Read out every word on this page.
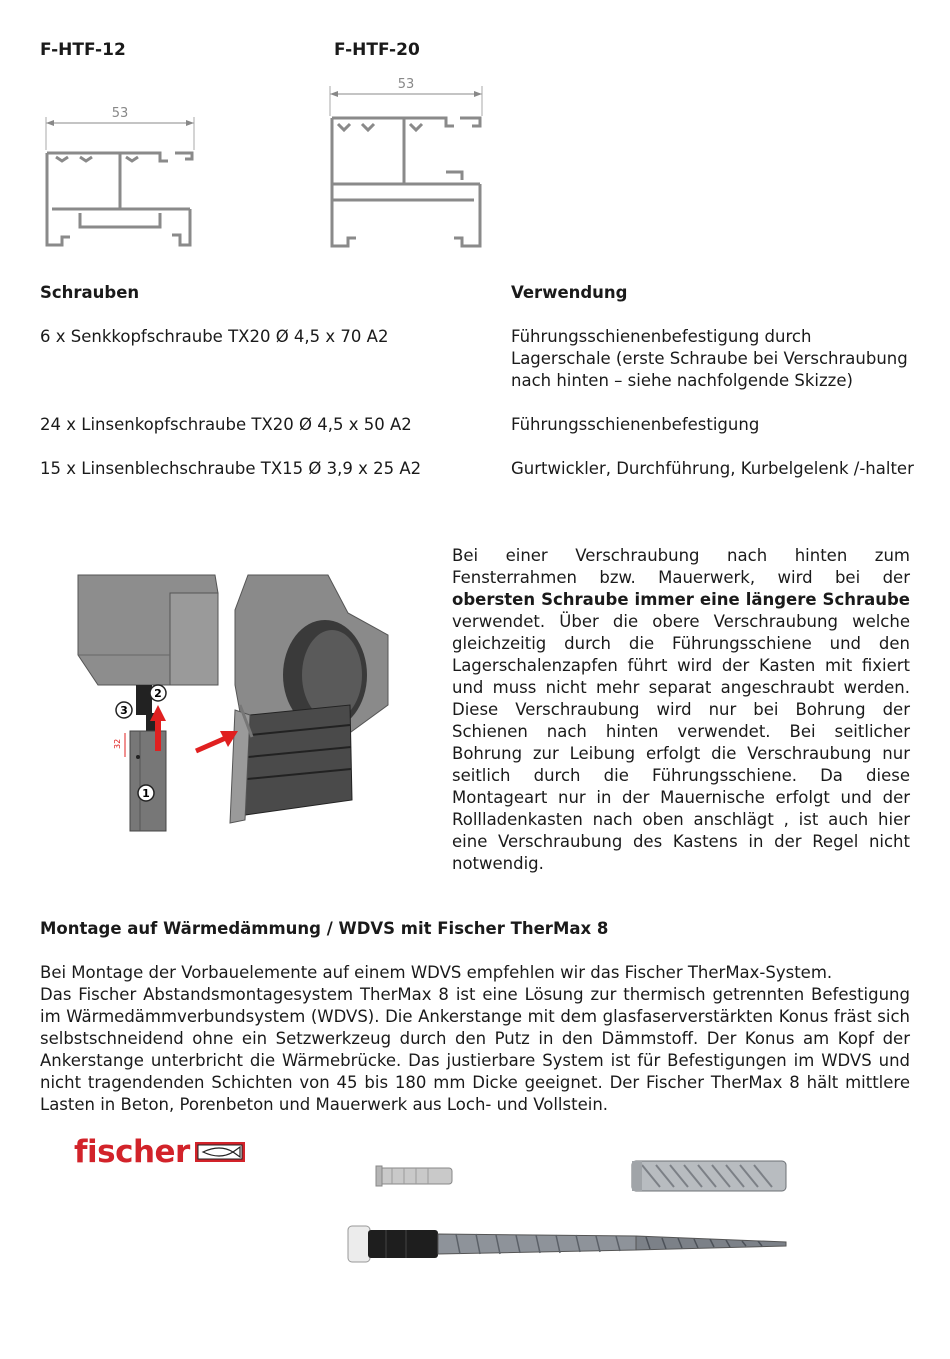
F-HTF-12	F-HTF-20
53
53
Schrauben	Verwendung
6 x Senkkopfschraube TX20 Ø 4,5 x 70 A2	Führungsschienenbefestigung durch
Lagerschale (erste Schraube bei Verschraubung
nach hinten – siehe nachfolgende Skizze)
24 x Linsenkopfschraube TX20 Ø 4,5 x 50 A2	Führungsschienenbefestigung
15 x Linsenblechschraube TX15 Ø 3,9 x 25 A2	Gurtwickler, Durchführung, Kurbelgelenk /-halter
32
2
3
1
Bei einer Verschraubung nach hinten zum Fensterrahmen bzw. Mauerwerk, wird bei der obersten Schraube immer eine längere Schraube verwendet. Über die obere Verschraubung welche gleichzeitig durch die Führungsschiene und den Lagerschalenzapfen führt wird der Kasten mit fixiert und muss nicht mehr separat angeschraubt werden. Diese Verschraubung wird nur bei Bohrung der Schienen nach hinten verwendet. Bei seitlicher Bohrung zur Leibung erfolgt die Verschraubung nur seitlich durch die Führungsschiene. Da diese Montageart nur in der Mauernische erfolgt und der Rollladenkasten nach oben anschlägt , ist auch hier eine Verschraubung des Kastens in der Regel nicht notwendig.
Montage auf Wärmedämmung / WDVS mit Fischer TherMax 8
Bei Montage der Vorbauelemente auf einem WDVS empfehlen wir das Fischer TherMax-System.
Das Fischer Abstandsmontagesystem TherMax 8 ist eine Lösung zur thermisch getrennten Befestigung im Wärmedämmverbundsystem (WDVS). Die Ankerstange mit dem glasfaserverstärkten Konus fräst sich selbstschneidend ohne ein Setzwerkzeug durch den Putz in den Dämmstoff. Der Konus am Kopf der Ankerstange unterbricht die Wärmebrücke. Das justierbare System ist für Befestigungen im WDVS und nicht tragendenden Schichten von 45 bis 180 mm Dicke geeignet. Der Fischer TherMax 8 hält mittlere Lasten in Beton, Porenbeton und Mauerwerk aus Loch- und Vollstein.
fischer
